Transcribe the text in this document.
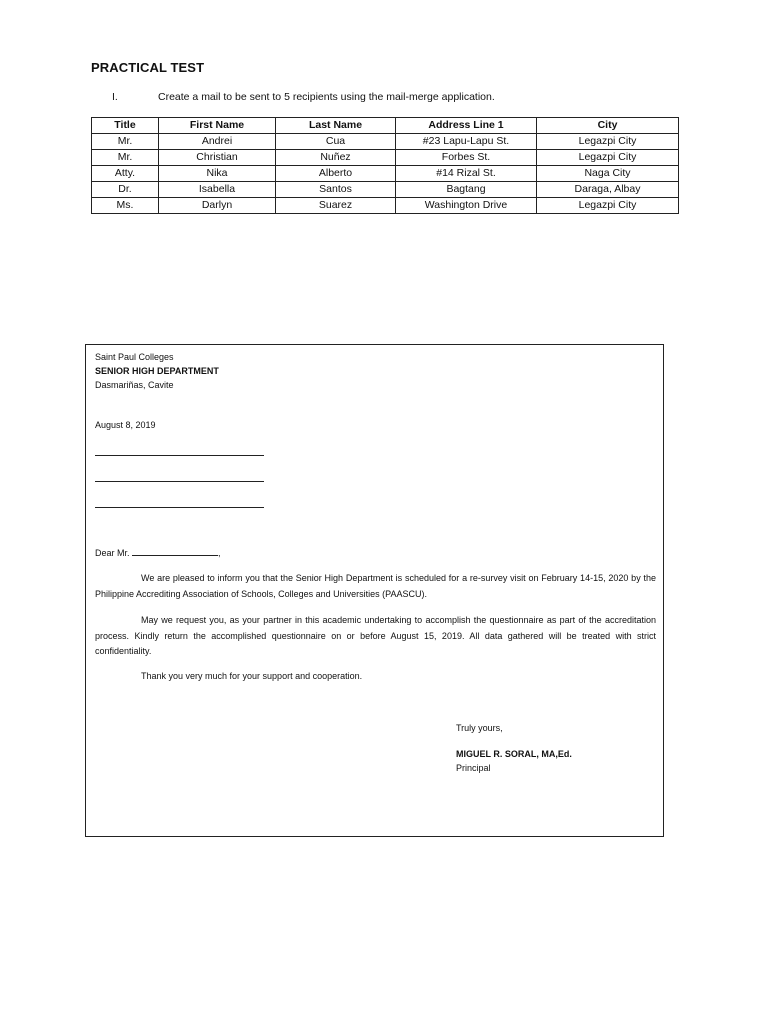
PRACTICAL TEST
I.	Create a mail to be sent to 5 recipients using the mail-merge application.
Title	First Name	Last Name	Address Line 1	City
Mr.	Andrei	Cua	#23 Lapu-Lapu St.	Legazpi City
Mr.	Christian	Nuñez	Forbes St.	Legazpi City
Atty.	Nika	Alberto	#14 Rizal St.	Naga City
Dr.	Isabella	Santos	Bagtang	Daraga, Albay
Ms.	Darlyn	Suarez	Washington Drive	Legazpi City
Saint Paul Colleges
SENIOR HIGH DEPARTMENT
Dasmariñas, Cavite
August 8, 2019
Dear Mr.	,
We are pleased to inform you that the Senior High Department is scheduled for a re-survey visit on February 14-15, 2020 by the Philippine Accrediting Association of Schools, Colleges and Universities (PAASCU).
May we request you, as your partner in this academic undertaking to accomplish the questionnaire as part of the accreditation process. Kindly return the accomplished questionnaire on or before August 15, 2019. All data gathered will be treated with strict confidentiality.
Thank you very much for your support and cooperation.
Truly yours,
MIGUEL R. SORAL, MA,Ed.
Principal
